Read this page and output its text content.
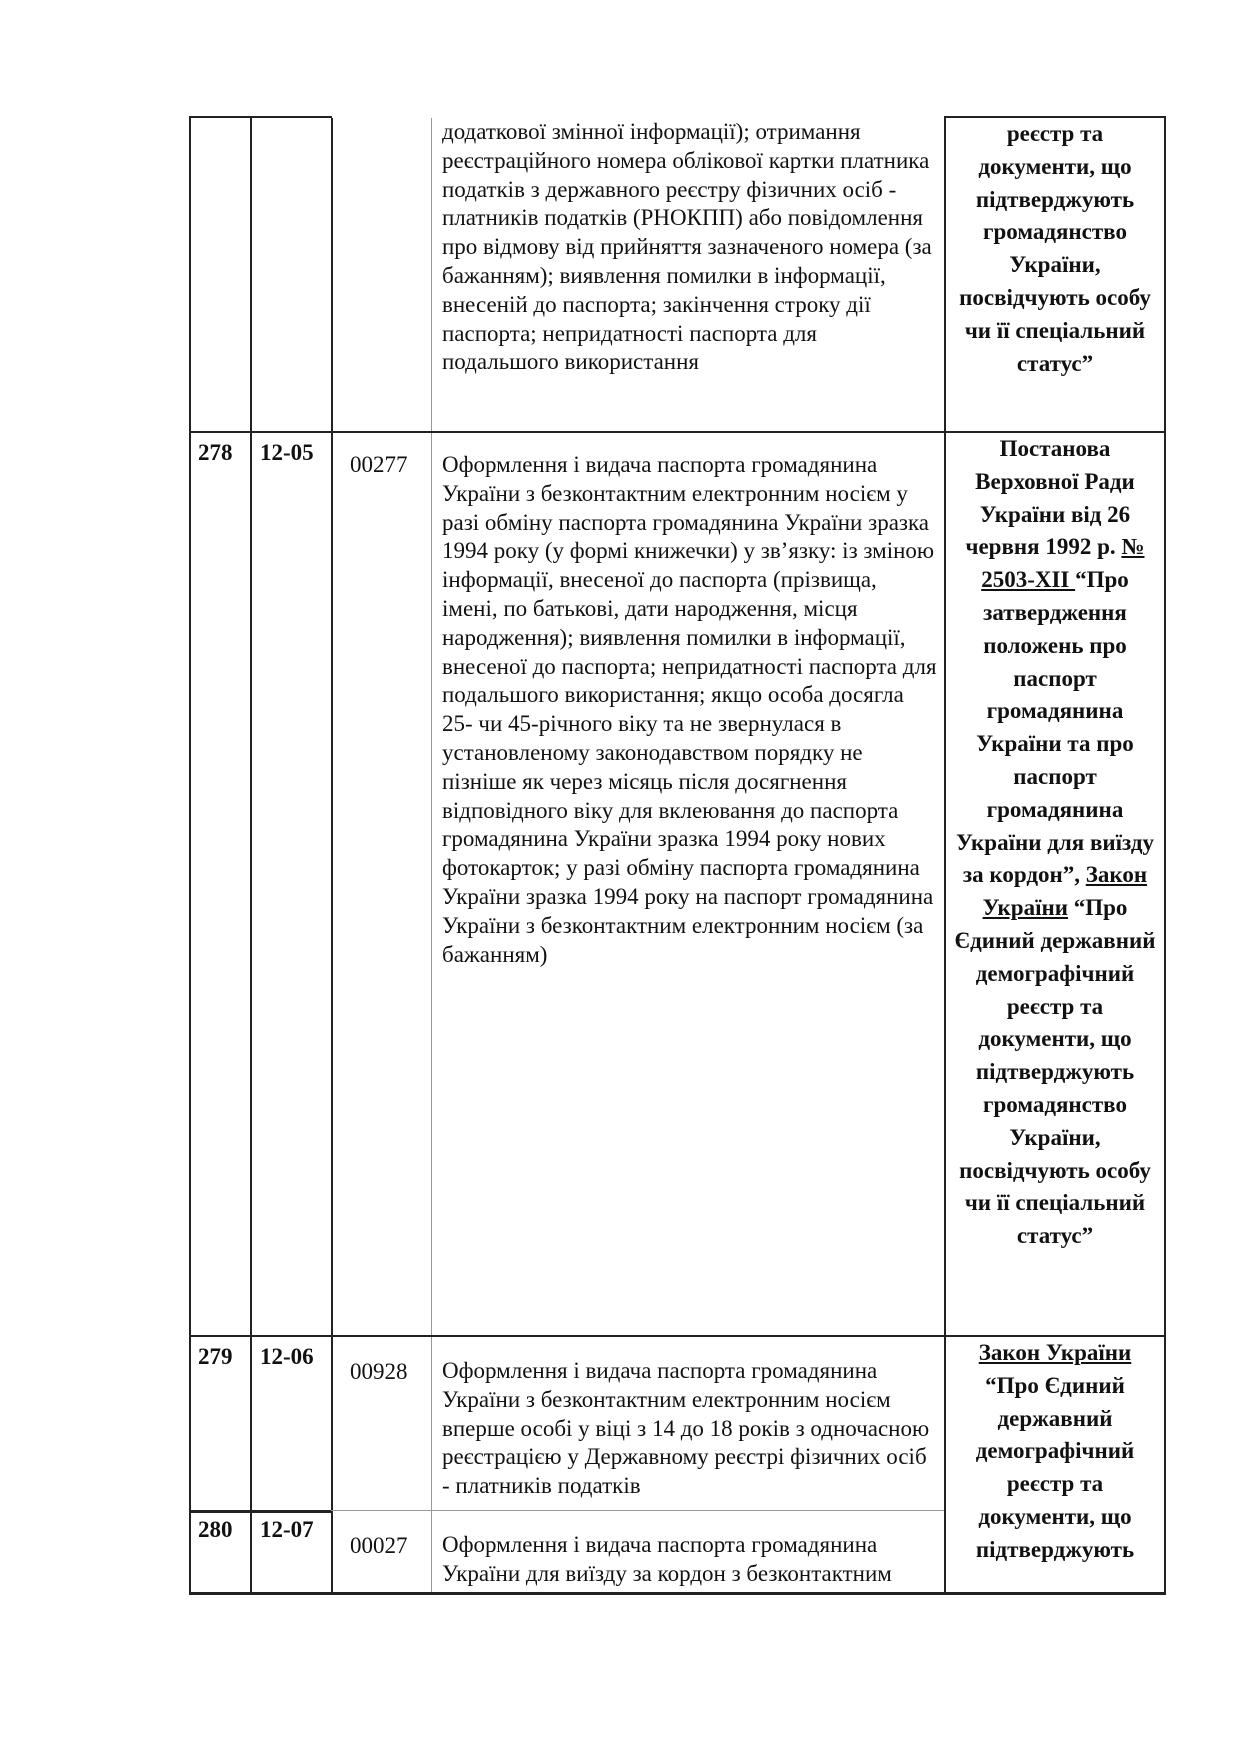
додаткової змінної інформації); отримання реєстраційного номера облікової картки платника податків з державного реєстру фізичних осіб - платників податків (РНОКПП) або повідомлення про відмову від прийняття зазначеного номера (за бажанням); виявлення помилки в інформації, внесеній до паспорта; закінчення строку дії паспорта; непридатності паспорта для подальшого використання
реєстр та документи, що підтверджують громадянство України, посвідчують особу чи її спеціальний статус”
278 12-05 00277 Оформлення і видача паспорта громадянина України з безконтактним електронним носієм у разі обміну паспорта громадянина України зразка 1994 року (у формі книжечки) у зв’язку: із зміною інформації, внесеної до паспорта (прізвища, імені, по батькові, дати народження, місця народження); виявлення помилки в інформації, внесеної до паспорта; непридатності паспорта для подальшого використання; якщо особа досягла 25- чи 45-річного віку та не звернулася в установленому законодавством порядку не пізніше як через місяць після досягнення відповідного віку для вклеювання до паспорта громадянина України зразка 1994 року нових фотокарток; у разі обміну паспорта громадянина України зразка 1994 року на паспорт громадянина України з безконтактним електронним носієм (за бажанням)
Постанова Верховної Ради України від 26 червня 1992 р. № 2503-XII “Про затвердження положень про паспорт громадянина України та про паспорт громадянина України для виїзду за кордон”, Закон України “Про Єдиний державний демографічний реєстр та документи, що підтверджують громадянство України, посвідчують особу чи її спеціальний статус”
279 12-06
00928 Оформлення і видача паспорта громадянина України з безконтактним електронним носієм вперше особі у віці з 14 до 18 років з одночасною реєстрацією у Державному реєстрі фізичних осіб - платників податків
Закон України “Про Єдиний державний демографічний реєстр та документи, що підтверджують
280 12-07
00027 Оформлення і видача паспорта громадянина України для виїзду за кордон з безконтактним
